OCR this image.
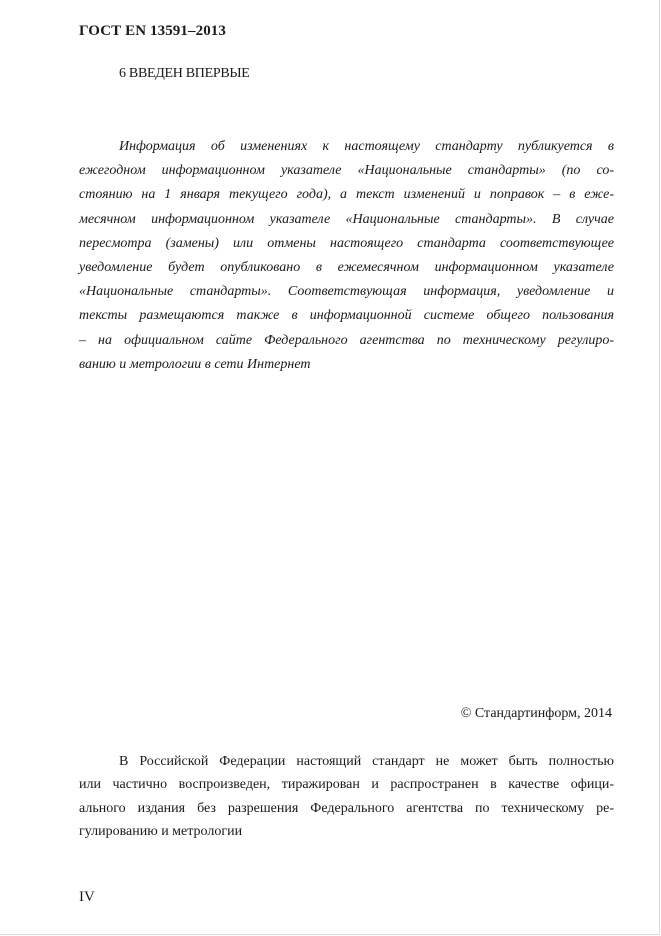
ГОСТ EN 13591–2013
6 ВВЕДЕН ВПЕРВЫЕ
Информация об изменениях к настоящему стандарту публикуется в
ежегодном информационном указателе «Национальные стандарты» (по со-
стоянию на 1 января текущего года), а текст изменений и поправок – в ежe-
месячном информационном указателе «Национальные стандарты». В случае
пересмотра (замены) или отмены настоящего стандарта соответствующее
уведомление будет опубликовано в ежемесячном информационном указателе
«Национальные стандарты». Соответствующая информация, уведомление и
тексты размещаются также в информационной системе общего пользования
– на официальном сайте Федерального агентства по техническому регулиро-
ванию и метрологии в сети Интернет
© Стандартинформ, 2014
В Российской Федерации настоящий стандарт не может быть полностью
или частично воспроизведен, тиражирован и распространен в качестве офици-
ального издания без разрешения Федерального агентства по техническому ре-
гулированию и метрологии
IV
